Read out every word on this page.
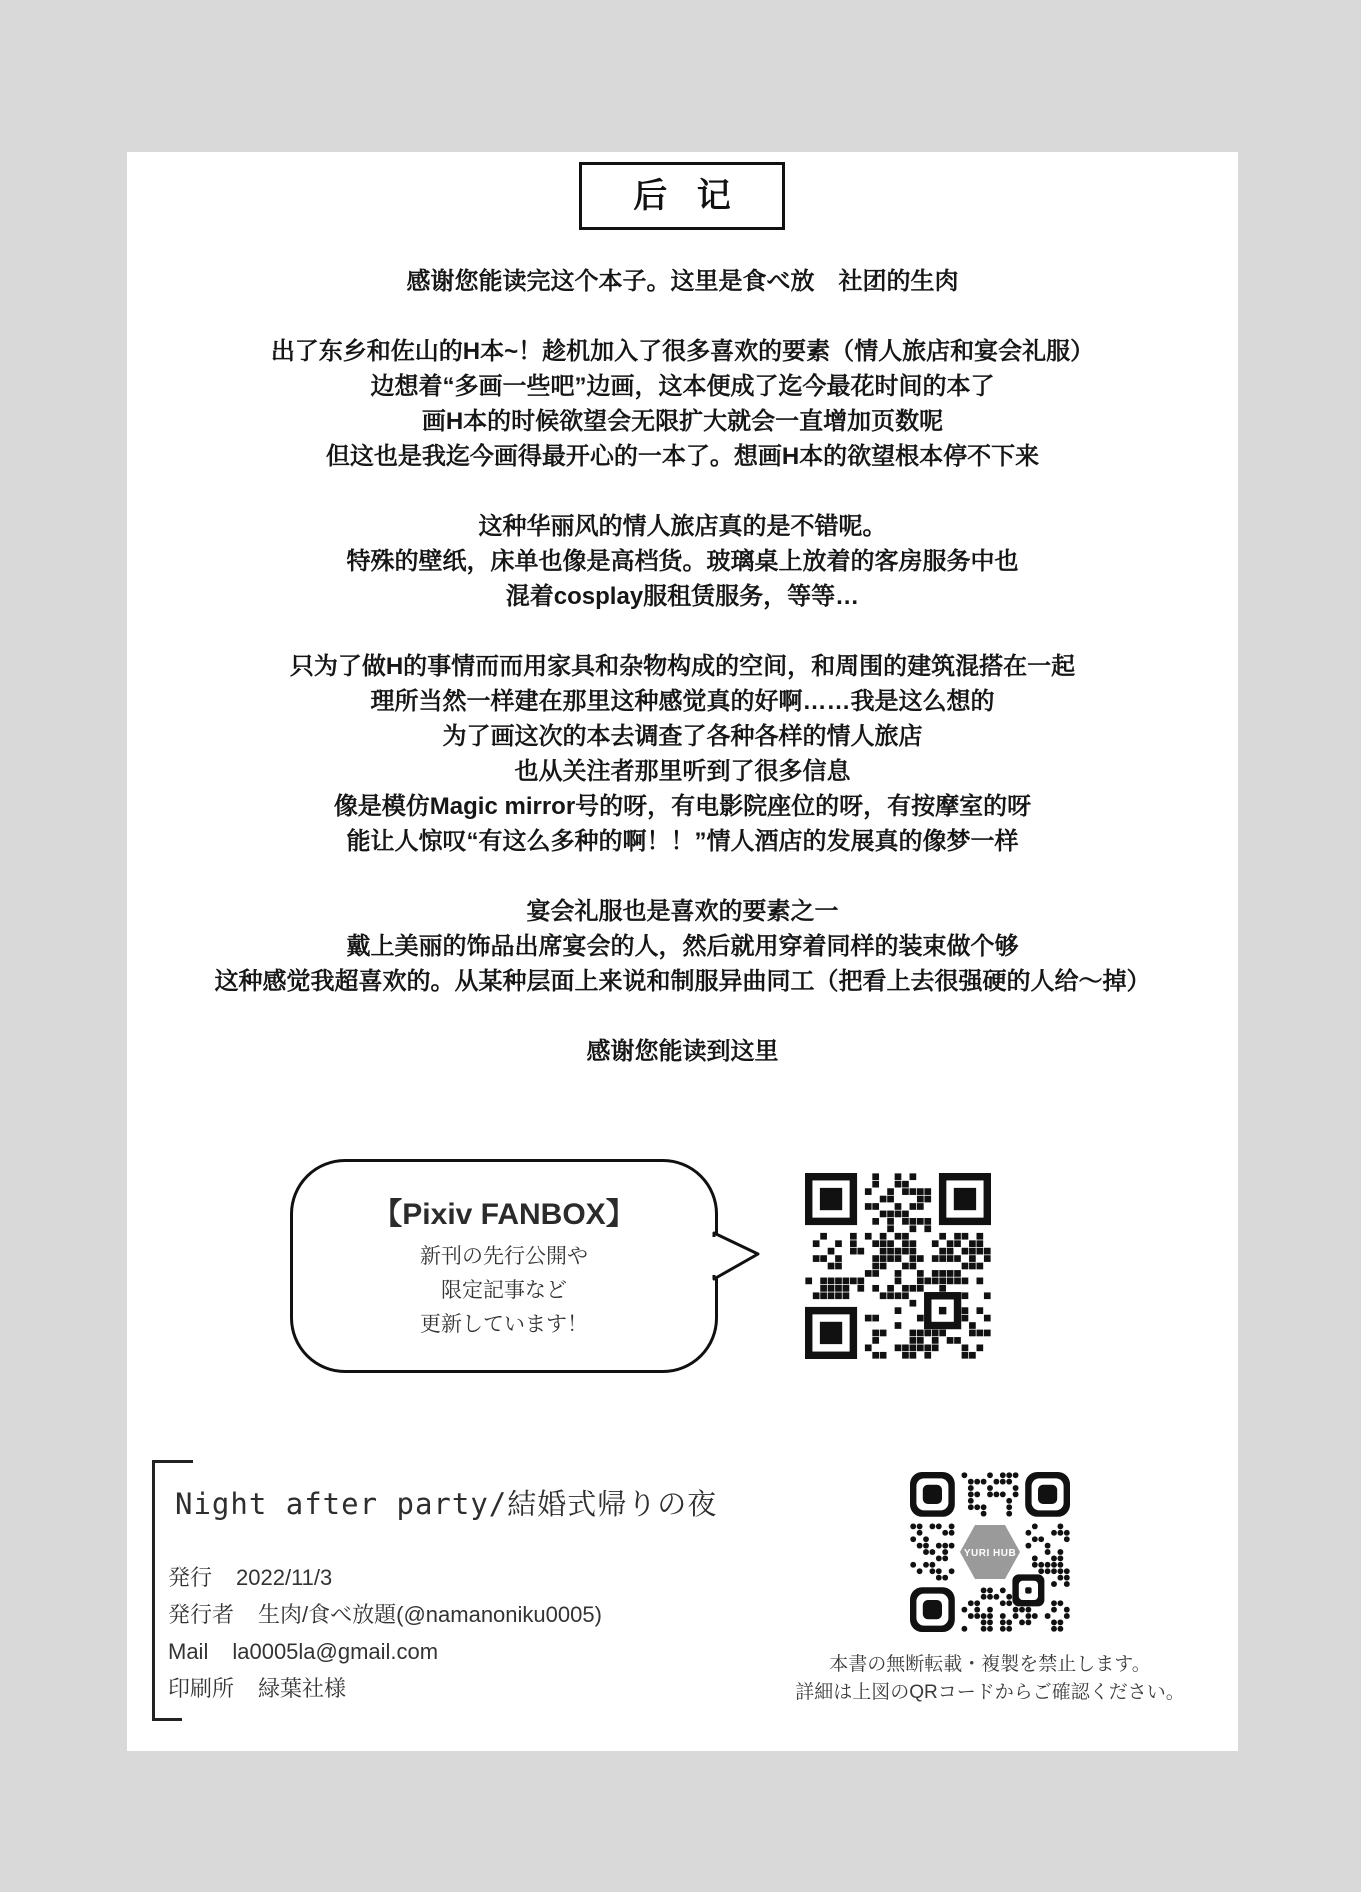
后 记
感谢您能读完这个本子。这里是食べ放　社团的生肉
出了东乡和佐山的H本~！趁机加入了很多喜欢的要素（情人旅店和宴会礼服）
边想着“多画一些吧”边画，这本便成了迄今最花时间的本了
画H本的时候欲望会无限扩大就会一直增加页数呢
但这也是我迄今画得最开心的一本了。想画H本的欲望根本停不下来
这种华丽风的情人旅店真的是不错呢。
特殊的壁纸，床单也像是高档货。玻璃桌上放着的客房服务中也
混着cosplay服租赁服务，等等…
只为了做H的事情而而用家具和杂物构成的空间，和周围的建筑混搭在一起
理所当然一样建在那里这种感觉真的好啊……我是这么想的
为了画这次的本去调查了各种各样的情人旅店
也从关注者那里听到了很多信息
像是模仿Magic mirror号的呀，有电影院座位的呀，有按摩室的呀
能让人惊叹“有这么多种的啊！！”情人酒店的发展真的像梦一样
宴会礼服也是喜欢的要素之一
戴上美丽的饰品出席宴会的人，然后就用穿着同样的装束做个够
这种感觉我超喜欢的。从某种层面上来说和制服异曲同工（把看上去很强硬的人给～掉）
感谢您能读到这里
【Pixiv FANBOX】
新刊の先行公開や
限定記事など
更新しています！
Night after party/結婚式帰りの夜
発行 2022/11/3
発行者 生肉/食べ放題(@namanoniku0005)
Mail la0005la@gmail.com
印刷所 緑葉社様
YURI HUB
本書の無断転載・複製を禁止します。
詳細は上図のQRコードからご確認ください。
